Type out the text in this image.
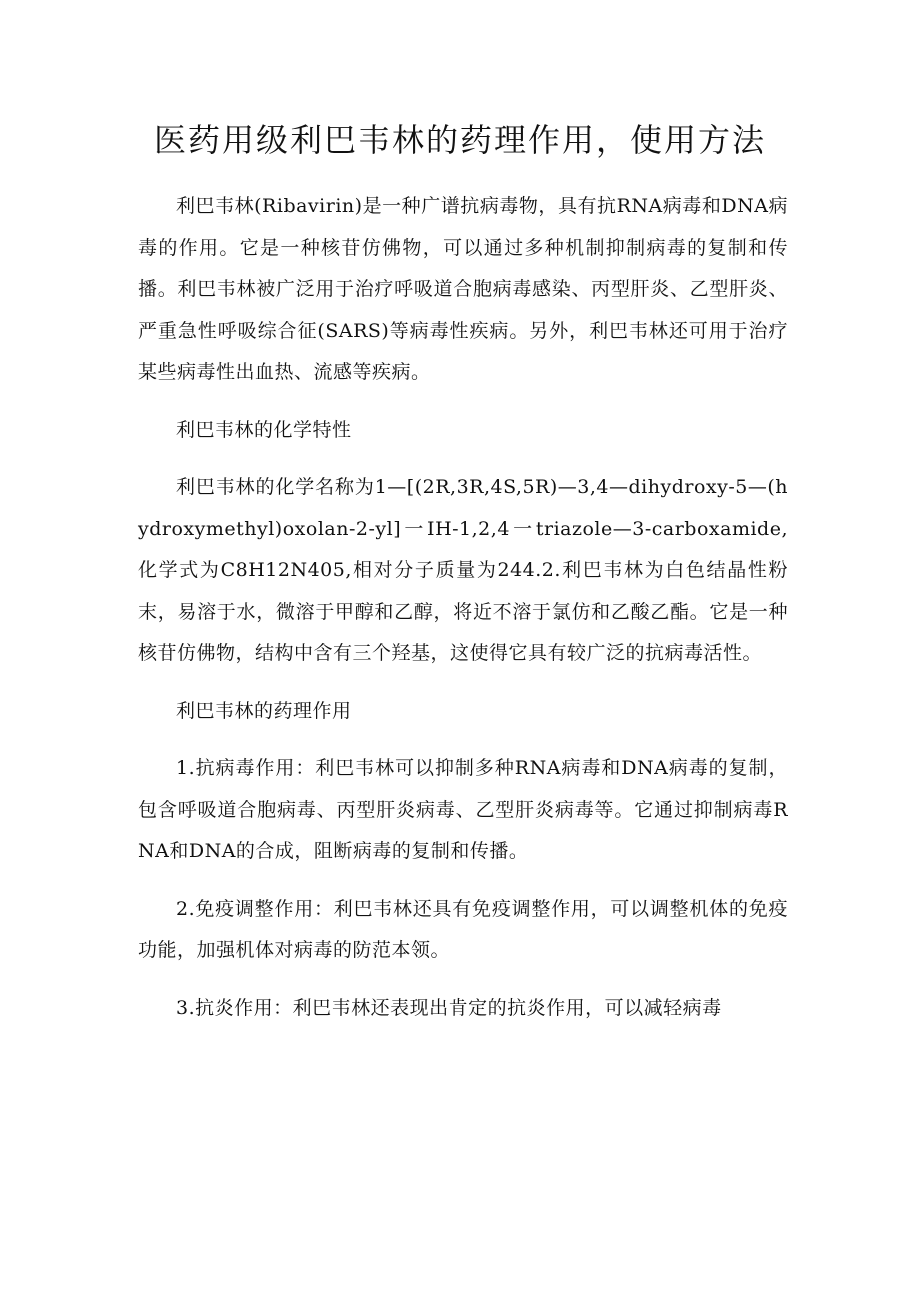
医药用级利巴韦林的药理作用，使用方法

利巴韦林(Ribavirin)是一种广谱抗病毒物，具有抗RNA病毒和DNA病毒的作用。它是一种核苷仿佛物，可以通过多种机制抑制病毒的复制和传播。利巴韦林被广泛用于治疗呼吸道合胞病毒感染、丙型肝炎、乙型肝炎、严重急性呼吸综合征(SARS)等病毒性疾病。另外，利巴韦林还可用于治疗某些病毒性出血热、流感等疾病。

利巴韦林的化学特性

利巴韦林的化学名称为1—[(2R,3R,4S,5R)—3,4—dihydroxy-5—(hydroxymethyl)oxolan-2-yl]一IH-1,2,4一triazole—3-carboxamide,化学式为C8H12N405,相对分子质量为244.2.利巴韦林为白色结晶性粉末，易溶于水，微溶于甲醇和乙醇，将近不溶于氯仿和乙酸乙酯。它是一种核苷仿佛物，结构中含有三个羟基，这使得它具有较广泛的抗病毒活性。

利巴韦林的药理作用

1.抗病毒作用：利巴韦林可以抑制多种RNA病毒和DNA病毒的复制，包含呼吸道合胞病毒、丙型肝炎病毒、乙型肝炎病毒等。它通过抑制病毒RNA和DNA的合成，阻断病毒的复制和传播。

2.免疫调整作用：利巴韦林还具有免疫调整作用，可以调整机体的免疫功能，加强机体对病毒的防范本领。

3.抗炎作用：利巴韦林还表现出肯定的抗炎作用，可以减轻病毒
